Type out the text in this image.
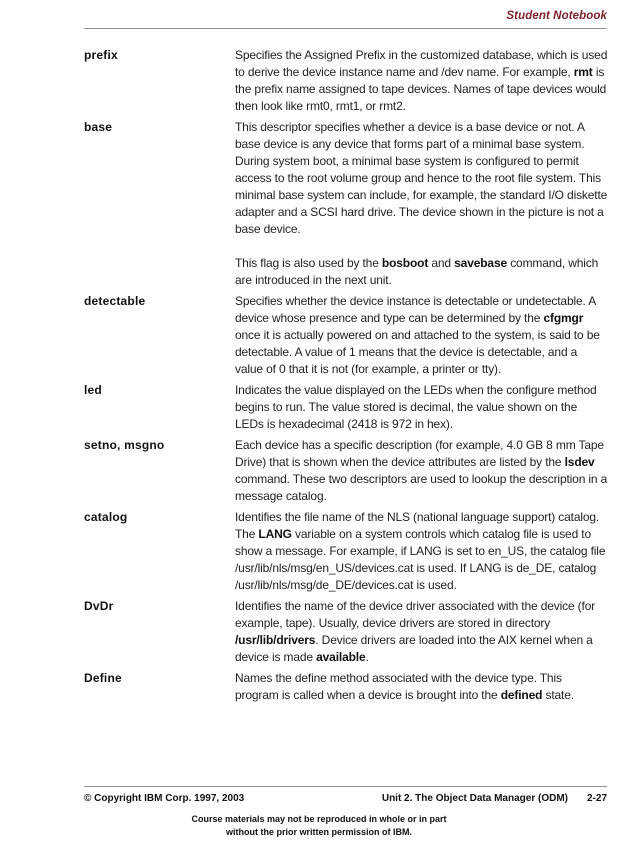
Student Notebook
prefix	Specifies the Assigned Prefix in the customized database, which is used to derive the device instance name and /dev name. For example, rmt is the prefix name assigned to tape devices. Names of tape devices would then look like rmt0, rmt1, or rmt2.

base	This descriptor specifies whether a device is a base device or not. A base device is any device that forms part of a minimal base system. During system boot, a minimal base system is configured to permit access to the root volume group and hence to the root file system. This minimal base system can include, for example, the standard I/O diskette adapter and a SCSI hard drive. The device shown in the picture is not a base device.

This flag is also used by the bosboot and savebase command, which are introduced in the next unit.

detectable	Specifies whether the device instance is detectable or undetectable. A device whose presence and type can be determined by the cfgmgr once it is actually powered on and attached to the system, is said to be detectable. A value of 1 means that the device is detectable, and a value of 0 that it is not (for example, a printer or tty).

led	Indicates the value displayed on the LEDs when the configure method begins to run. The value stored is decimal, the value shown on the LEDs is hexadecimal (2418 is 972 in hex).

setno, msgno	Each device has a specific description (for example, 4.0 GB 8 mm Tape Drive) that is shown when the device attributes are listed by the lsdev command. These two descriptors are used to lookup the description in a message catalog.

catalog	Identifies the file name of the NLS (national language support) catalog. The LANG variable on a system controls which catalog file is used to show a message. For example, if LANG is set to en_US, the catalog file /usr/lib/nls/msg/en_US/devices.cat is used. If LANG is de_DE, catalog /usr/lib/nls/msg/de_DE/devices.cat is used.

DvDr	Identifies the name of the device driver associated with the device (for example, tape). Usually, device drivers are stored in directory /usr/lib/drivers. Device drivers are loaded into the AIX kernel when a device is made available.

Define	Names the define method associated with the device type. This program is called when a device is brought into the defined state.

© Copyright IBM Corp. 1997, 2003	Unit 2. The Object Data Manager (ODM) 2-27
Course materials may not be reproduced in whole or in part
without the prior written permission of IBM.
